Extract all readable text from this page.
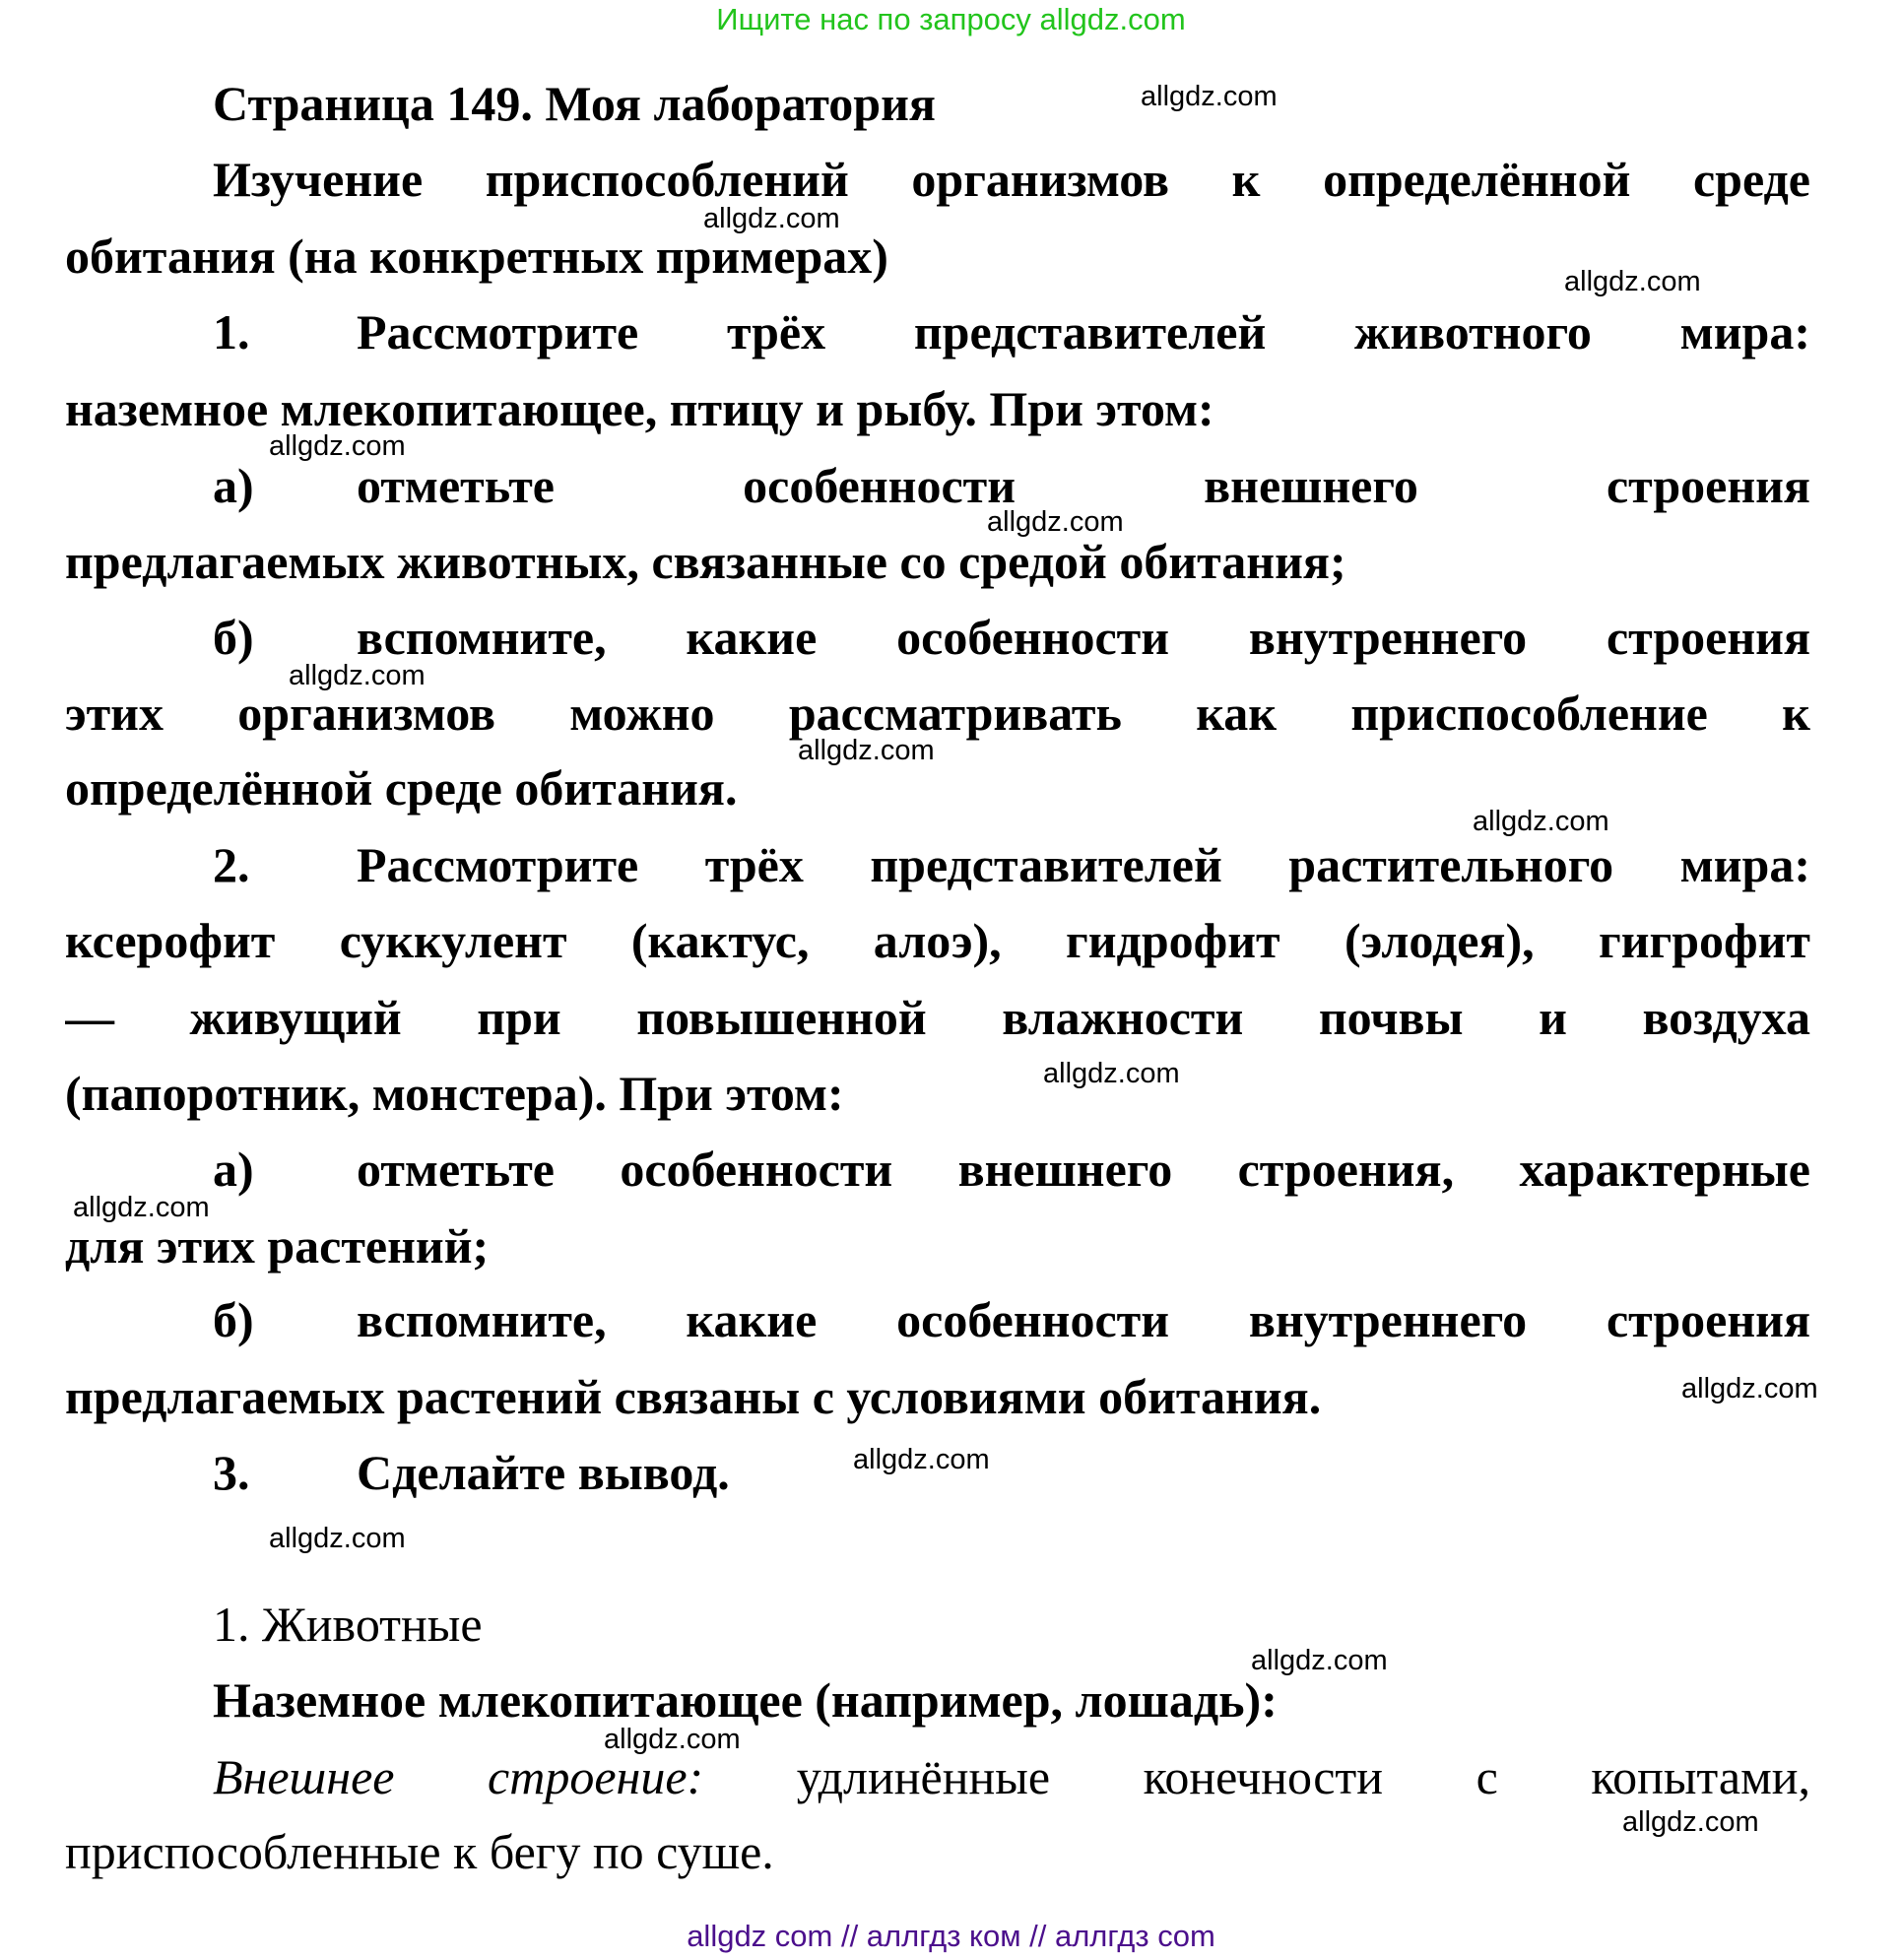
Ищите нас по запросу allgdz.com
Страница 149. Моя лаборатория
Изучение приспособлений организмов к определённой среде
обитания (на конкретных примерах)
1. Рассмотрите трёх представителей животного мира:
наземное млекопитающее, птицу и рыбу. При этом:
а) отметьте особенности внешнего строения
предлагаемых животных, связанные со средой обитания;
б) вспомните, какие особенности внутреннего строения
этих организмов можно рассматривать как приспособление к
определённой среде обитания.
2. Рассмотрите трёх представителей растительного мира:
ксерофит суккулент (кактус, алоэ), гидрофит (элодея), гигрофит
— живущий при повышенной влажности почвы и воздуха
(папоротник, монстера). При этом:
а) отметьте особенности внешнего строения, характерные
для этих растений;
б) вспомните, какие особенности внутреннего строения
предлагаемых растений связаны с условиями обитания.
3. Сделайте вывод.
1. Животные
Наземное млекопитающее (например, лошадь):
Внешнее строение: удлинённые конечности с копытами,
приспособленные к бегу по суше.
allgdz.com
allgdz.com
allgdz.com
allgdz.com
allgdz.com
allgdz.com
allgdz.com
allgdz.com
allgdz.com
allgdz.com
allgdz.com
allgdz.com
allgdz.com
allgdz.com
allgdz.com
allgdz.com
allgdz com // аллгдз ком // аллгдз com
